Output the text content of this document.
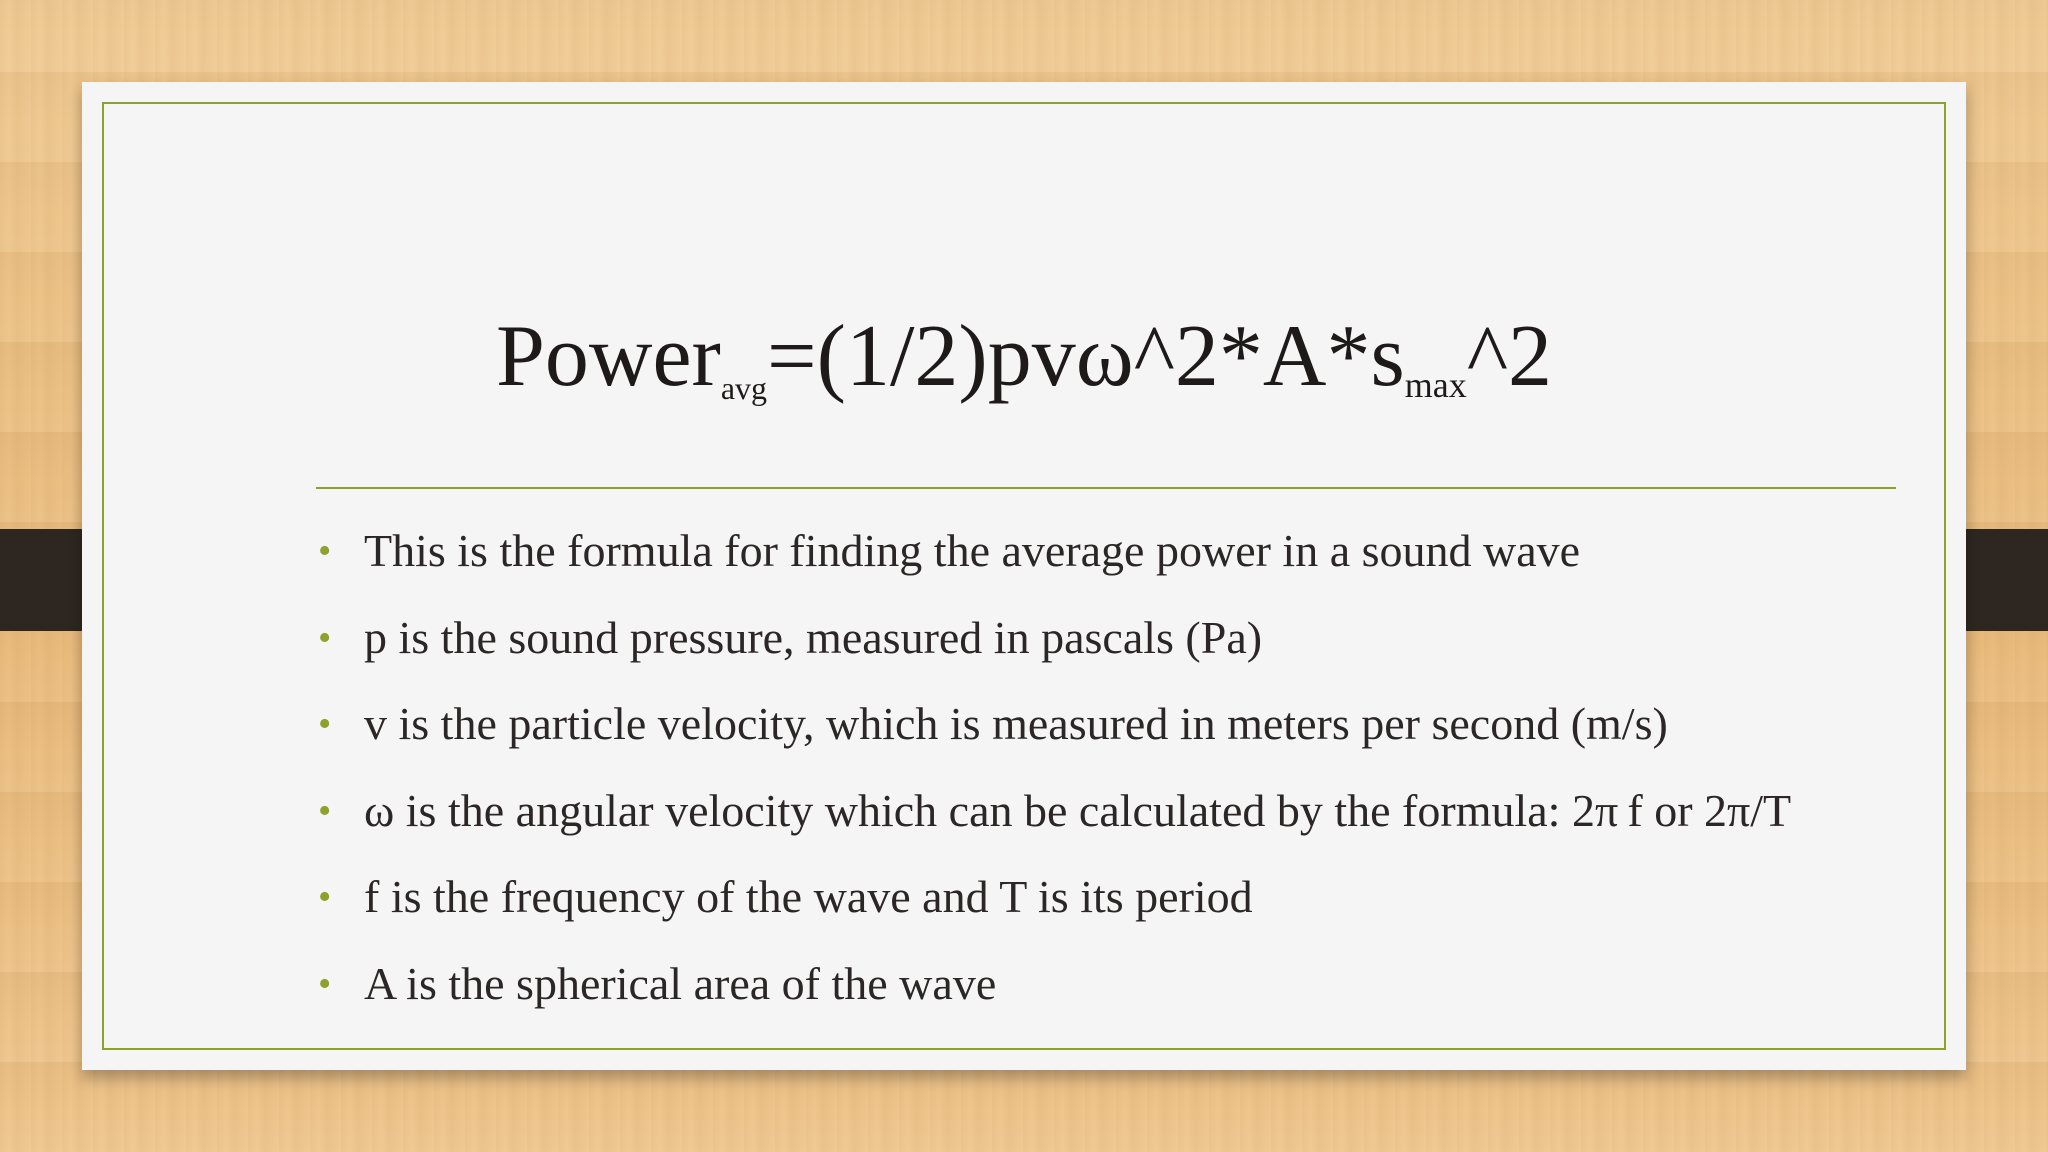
$Power_{avg}=(1/2)pv\omega\^{}2*A*s_{max}\^{}2$
• This is the formula for finding the average power in a sound wave
• p is the sound pressure, measured in pascals (Pa)
• v is the particle velocity, which is measured in meters per second (m/s)
• ω is the angular velocity which can be calculated by the formula: 2π f or 2π/T
• f is the frequency of the wave and T is its period
• A is the spherical area of the wave
